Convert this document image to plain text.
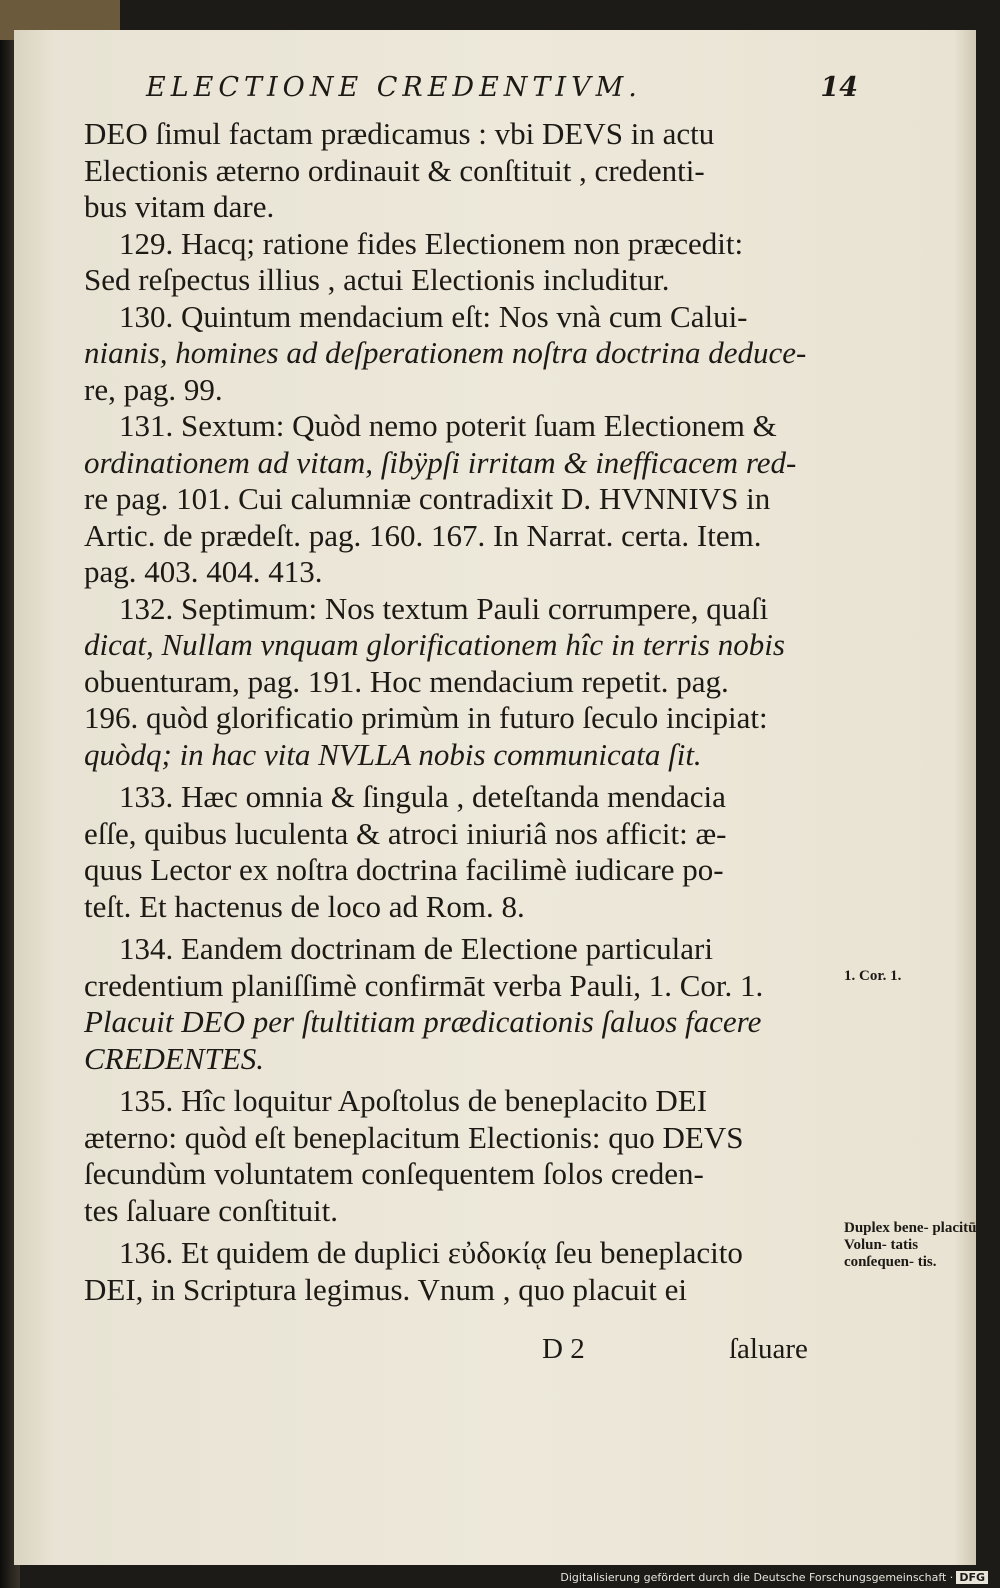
ELECTIONE CREDENTIVM.	14

DEO ſimul factam prædicamus : vbi DEVS in actu

Electionis æterno ordinauit & conſtituit , credenti-

bus vitam dare.

129. Hacq; ratione fides Electionem non præcedit:

Sed reſpectus illius , actui Electionis includitur.

130. Quintum mendacium eſt: Nos vnà cum Calui-

nianis, homines ad deſperationem noſtra doctrina deduce-

re, pag. 99.

131. Sextum: Quòd nemo poterit ſuam Electionem &

ordinationem ad vitam, ſibÿpſi irritam & inefficacem red-

re pag. 101. Cui calumniæ contradixit D. HVNNIVS in

Artic. de prædeſt. pag. 160. 167. In Narrat. certa. Item.

pag. 403. 404. 413.

132. Septimum: Nos textum Pauli corrumpere, quaſi

dicat, Nullam vnquam glorificationem hîc in terris nobis

obuenturam, pag. 191. Hoc mendacium repetit. pag.

196. quòd glorificatio primùm in futuro ſeculo incipiat:

quòdq; in hac vita NVLLA nobis communicata ſit.

133. Hæc omnia & ſingula , deteſtanda mendacia

eſſe, quibus luculenta & atroci iniuriâ nos afficit: æ-

quus Lector ex noſtra doctrina facilimè iudicare po-

teſt. Et hactenus de loco ad Rom. 8.

134. Eandem doctrinam de Electione particulari

credentium planiſſimè confirmāt verba Pauli, 1. Cor. 1.

Placuit DEO per ſtultitiam prædicationis ſaluos facere

CREDENTES.

135. Hîc loquitur Apoſtolus de beneplacito DEI

æterno: quòd eſt beneplacitum Electionis: quo DEVS

ſecundùm voluntatem conſequentem ſolos creden-

tes ſaluare conſtituit.

136. Et quidem de duplici εὐδοκίᾳ ſeu beneplacito

DEI, in Scriptura legimus. Vnum , quo placuit ei

1. Cor. 1.
Duplex bene- placitū Volun- tatis conſequen- tis.
D 2	ſaluare
Digitalisierung gefördert durch die Deutsche Forschungsgemeinschaft · DFG
